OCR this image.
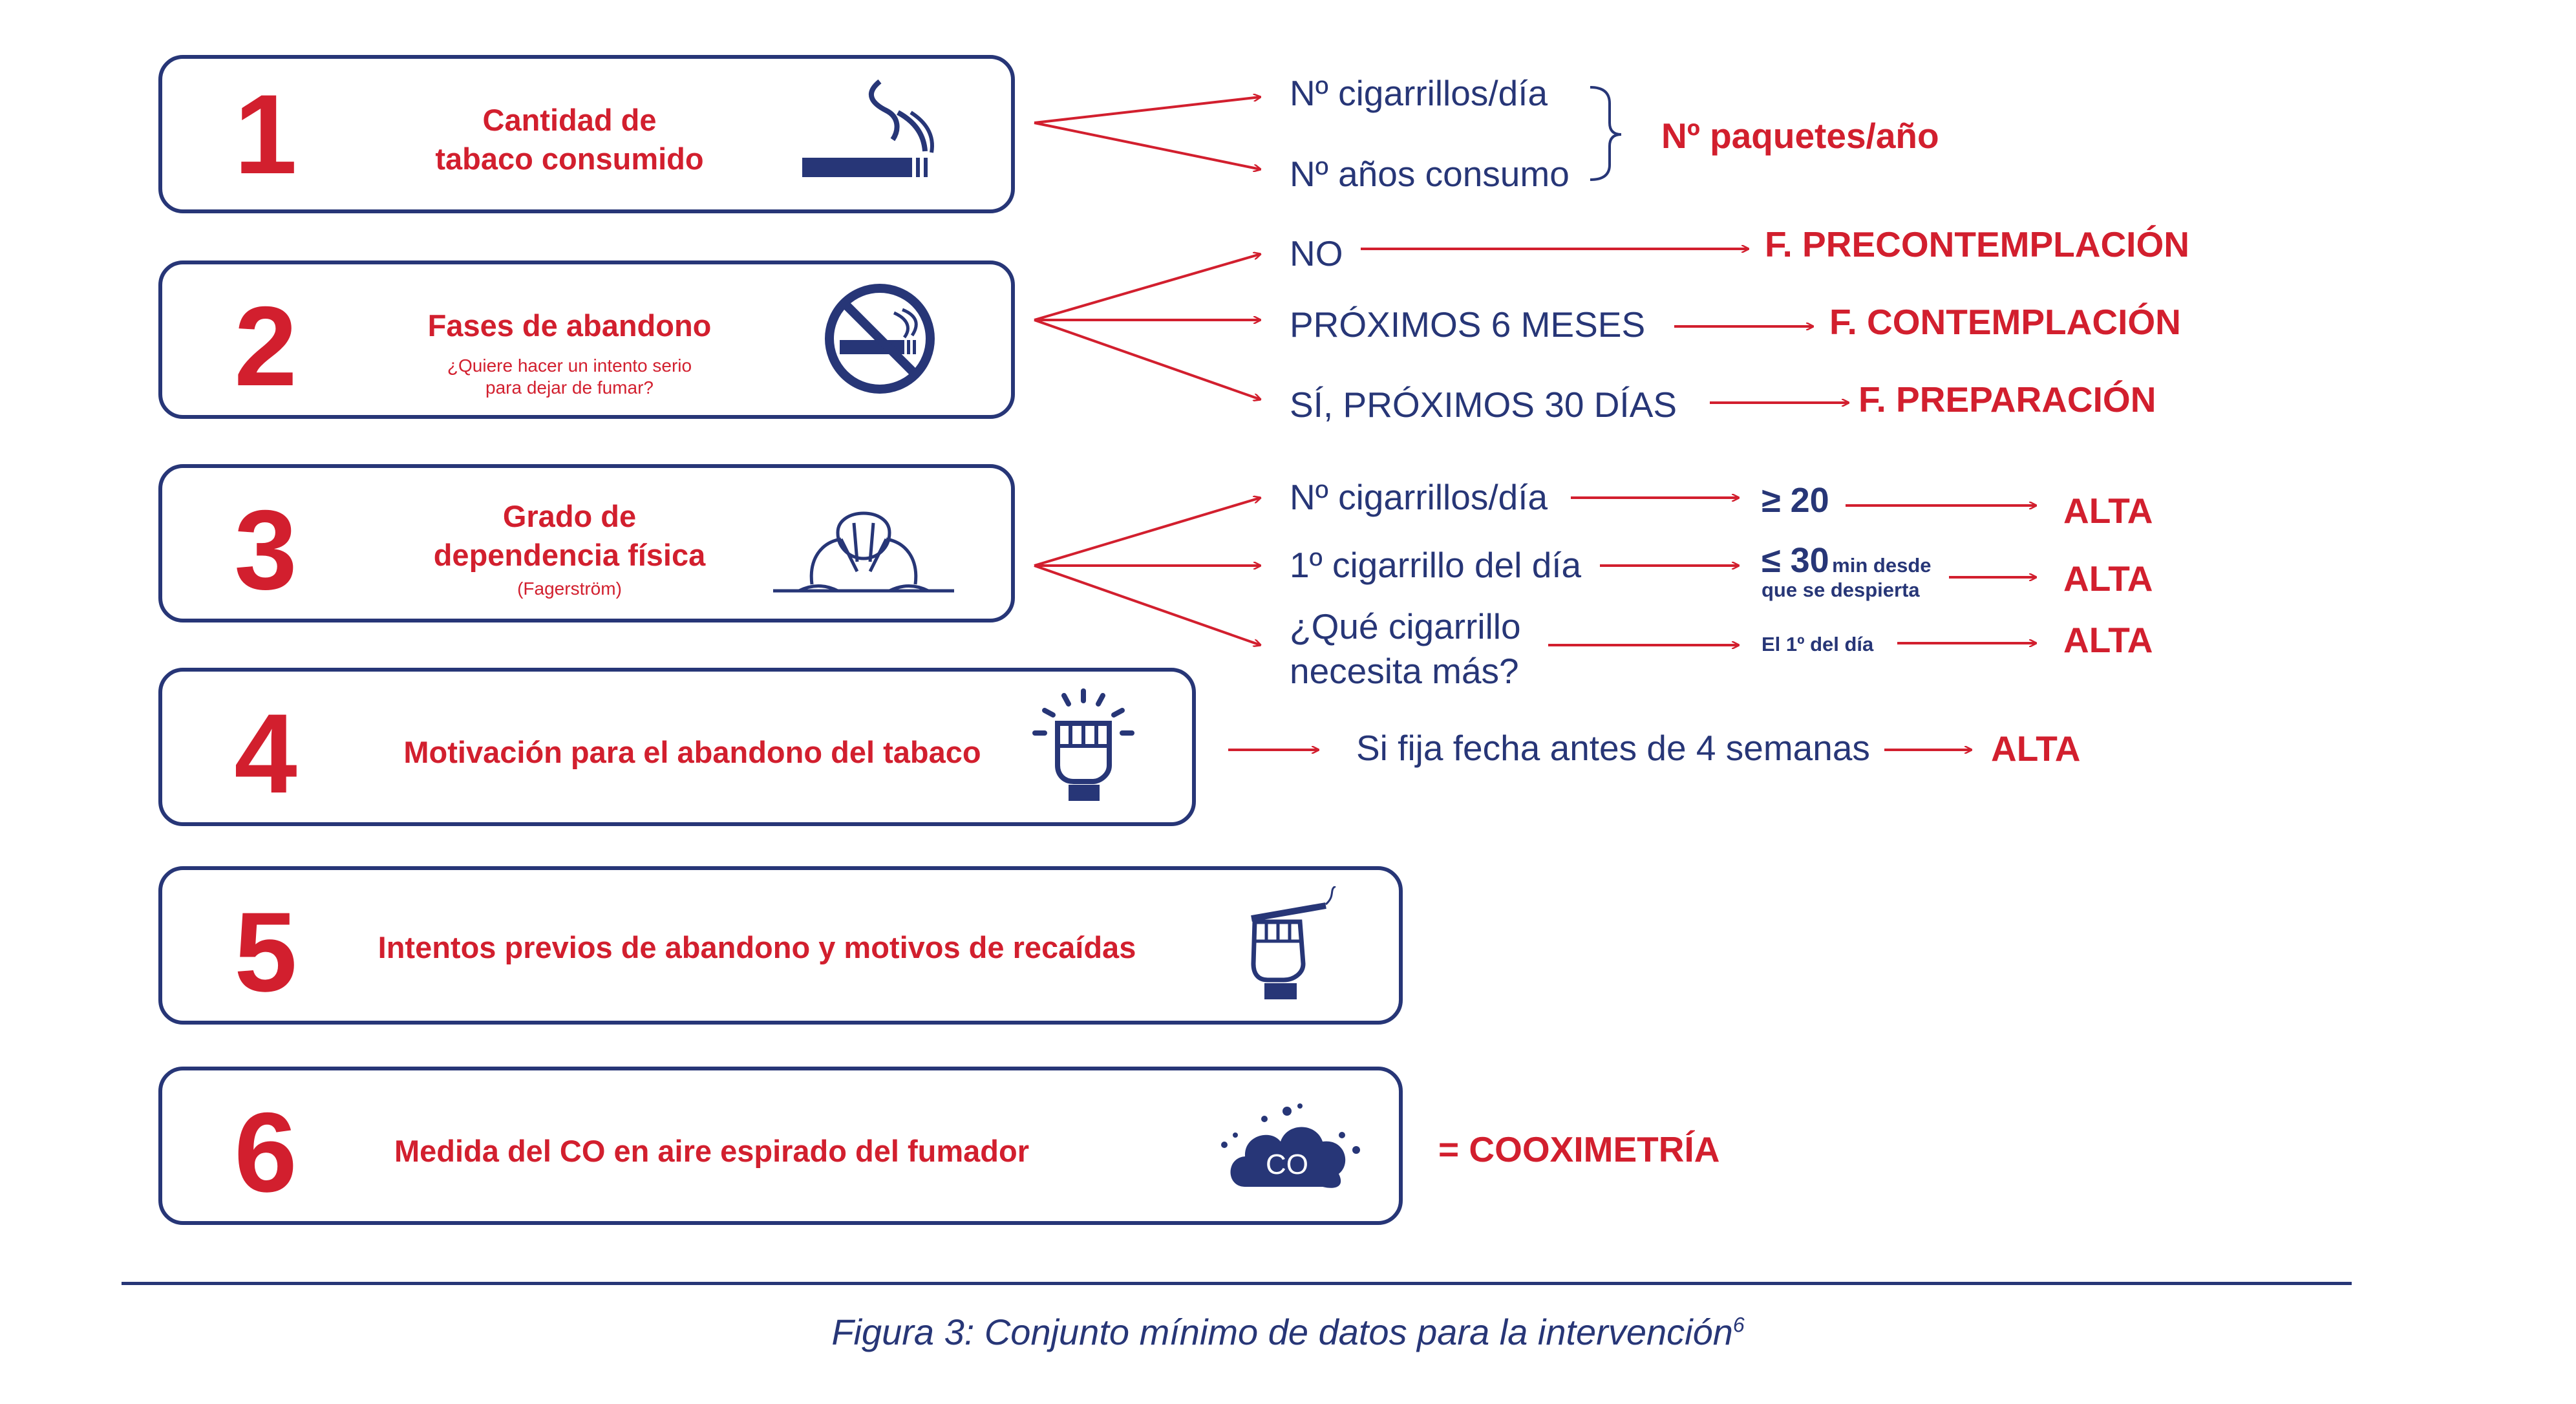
1	Cantidad de
tabaco consumido
2	Fases de abandono
¿Quiere hacer un intento serio
para dejar de fumar?
3	Grado de
dependencia física
(Fagerström)
4	Motivación para el abandono del tabaco
5	Intentos previos de abandono y motivos de recaídas
6	Medida del CO en aire espirado del fumador	CO
Nº cigarrillos/día
Nº años consumo
Nº paquetes/año
NO
PRÓXIMOS 6 MESES
SÍ, PRÓXIMOS 30 DÍAS
F. PRECONTEMPLACIÓN
F. CONTEMPLACIÓN
F. PREPARACIÓN
Nº cigarrillos/día
1º cigarrillo del día
¿Qué cigarrillo
necesita más?
≥ 20
≤ 30 min desde
que se despierta
El 1º del día
ALTA
ALTA
ALTA
Si fija fecha antes de 4 semanas	ALTA
= COOXIMETRÍA
Figura 3: Conjunto mínimo de datos para la intervención$^6$
